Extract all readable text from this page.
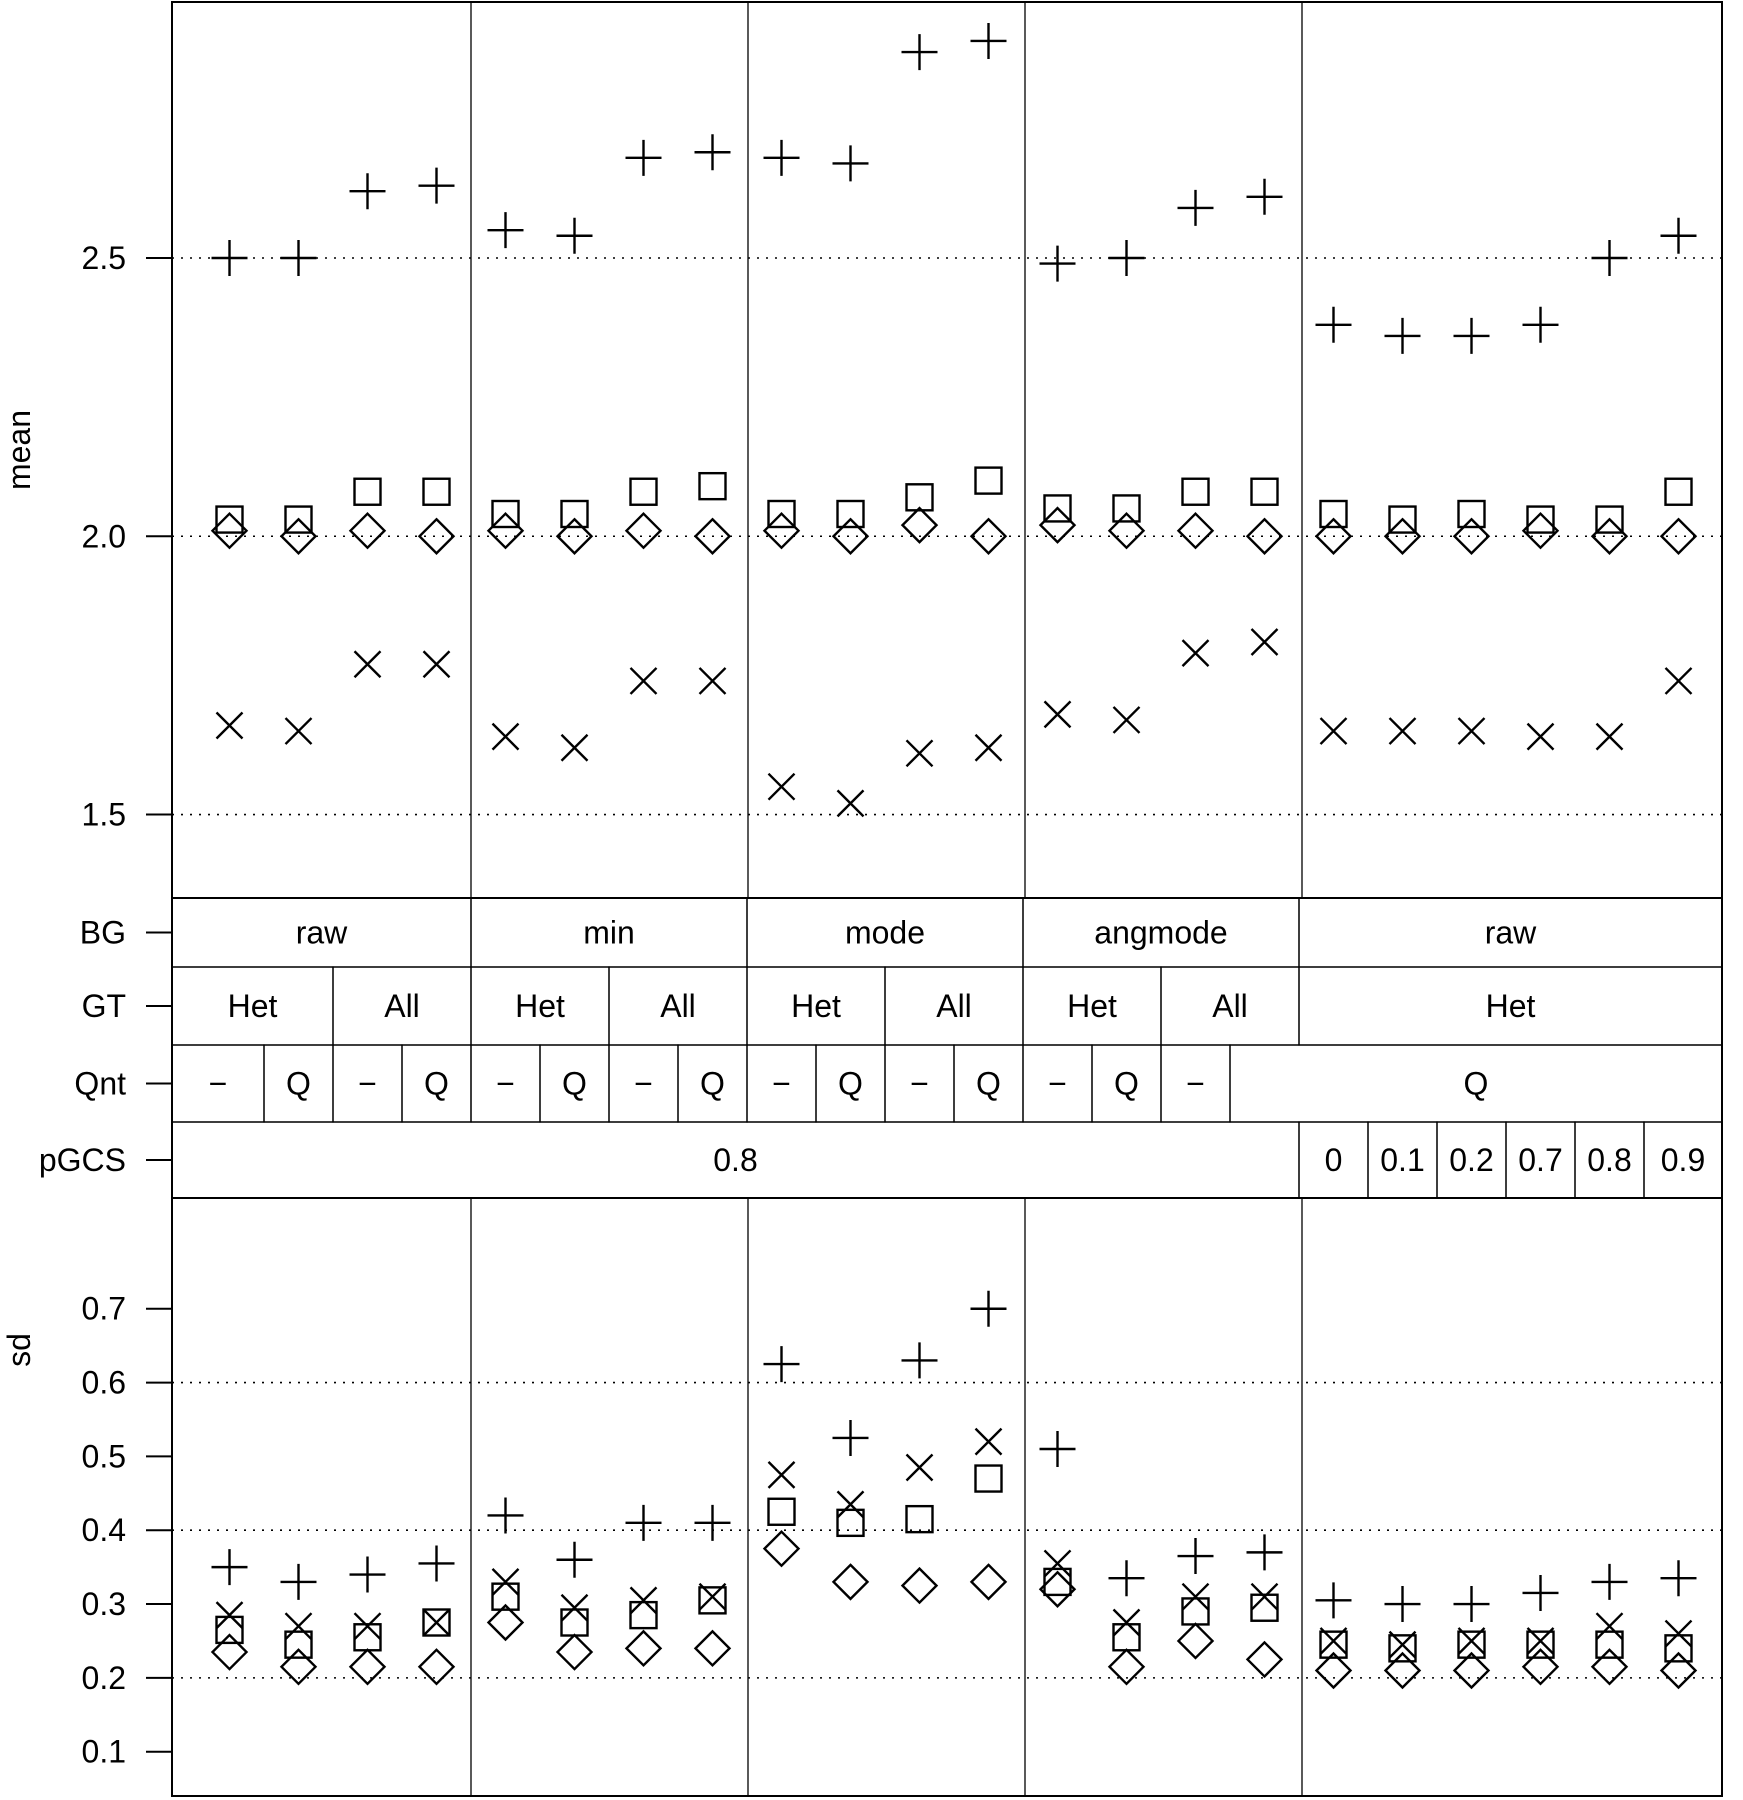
1.5
2.0
2.5
mean
0.1
0.2
0.3
0.4
0.5
0.6
0.7
sd
BG	raw	min	mode	angmode	raw
GT	Het	All	Het	All	Het	All	Het	All	Het
Qnt	− Q − Q − Q − Q − Q − Q − Q −	Q
pGCS	0.8	0 0.1 0.2 0.7 0.8 0.9
